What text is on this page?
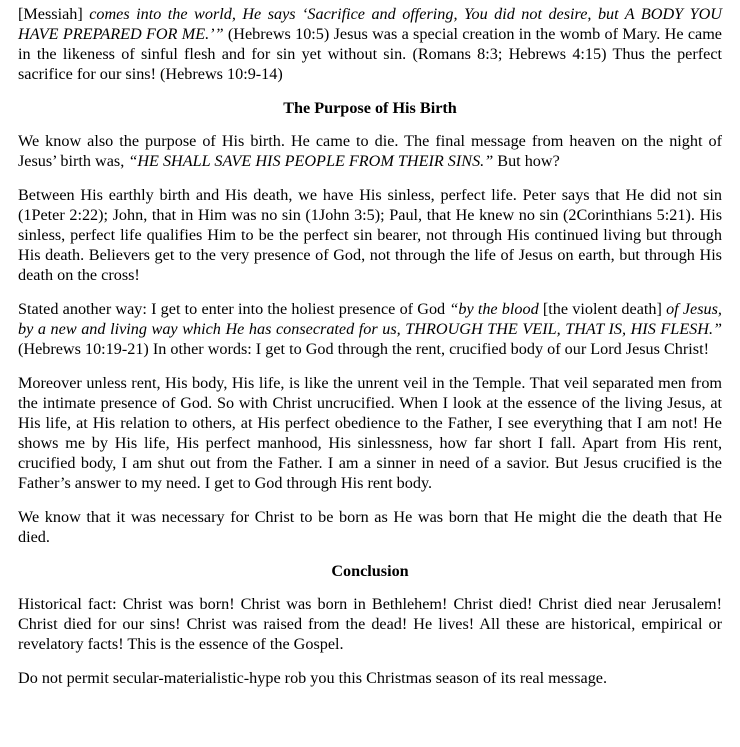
[Messiah] comes into the world, He says ‘Sacrifice and offering, You did not desire, but A BODY YOU HAVE PREPARED FOR ME.’” (Hebrews 10:5) Jesus was a special creation in the womb of Mary. He came in the likeness of sinful flesh and for sin yet without sin. (Romans 8:3; Hebrews 4:15) Thus the perfect sacrifice for our sins! (Hebrews 10:9-14)

The Purpose of His Birth

We know also the purpose of His birth. He came to die. The final message from heaven on the night of Jesus’ birth was, “HE SHALL SAVE HIS PEOPLE FROM THEIR SINS.” But how?

Between His earthly birth and His death, we have His sinless, perfect life. Peter says that He did not sin (1Peter 2:22); John, that in Him was no sin (1John 3:5); Paul, that He knew no sin (2Corinthians 5:21). His sinless, perfect life qualifies Him to be the perfect sin bearer, not through His continued living but through His death. Believers get to the very presence of God, not through the life of Jesus on earth, but through His death on the cross!

Stated another way: I get to enter into the holiest presence of God “by the blood [the violent death] of Jesus, by a new and living way which He has consecrated for us, THROUGH THE VEIL, THAT IS, HIS FLESH.” (Hebrews 10:19-21) In other words: I get to God through the rent, crucified body of our Lord Jesus Christ!

Moreover unless rent, His body, His life, is like the unrent veil in the Temple. That veil separated men from the intimate presence of God. So with Christ uncrucified. When I look at the essence of the living Jesus, at His life, at His relation to others, at His perfect obedience to the Father, I see everything that I am not! He shows me by His life, His perfect manhood, His sinlessness, how far short I fall. Apart from His rent, crucified body, I am shut out from the Father. I am a sinner in need of a savior. But Jesus crucified is the Father’s answer to my need. I get to God through His rent body.

We know that it was necessary for Christ to be born as He was born that He might die the death that He died.

Conclusion

Historical fact: Christ was born! Christ was born in Bethlehem! Christ died! Christ died near Jerusalem! Christ died for our sins! Christ was raised from the dead! He lives! All these are historical, empirical or revelatory facts! This is the essence of the Gospel.

Do not permit secular-materialistic-hype rob you this Christmas season of its real message.
